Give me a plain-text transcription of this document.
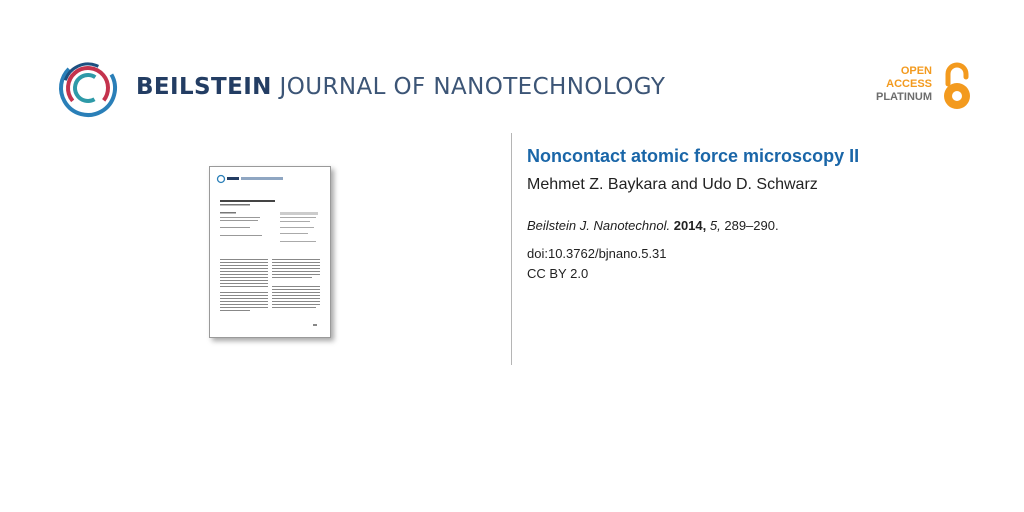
BEILSTEIN JOURNAL OF NANOTECHNOLOGY
OPEN
ACCESS
PLATINUM
Noncontact atomic force microscopy II
Mehmet Z. Baykara and Udo D. Schwarz
Beilstein J. Nanotechnol. 2014, 5, 289–290.
doi:10.3762/bjnano.5.31
CC BY 2.0
